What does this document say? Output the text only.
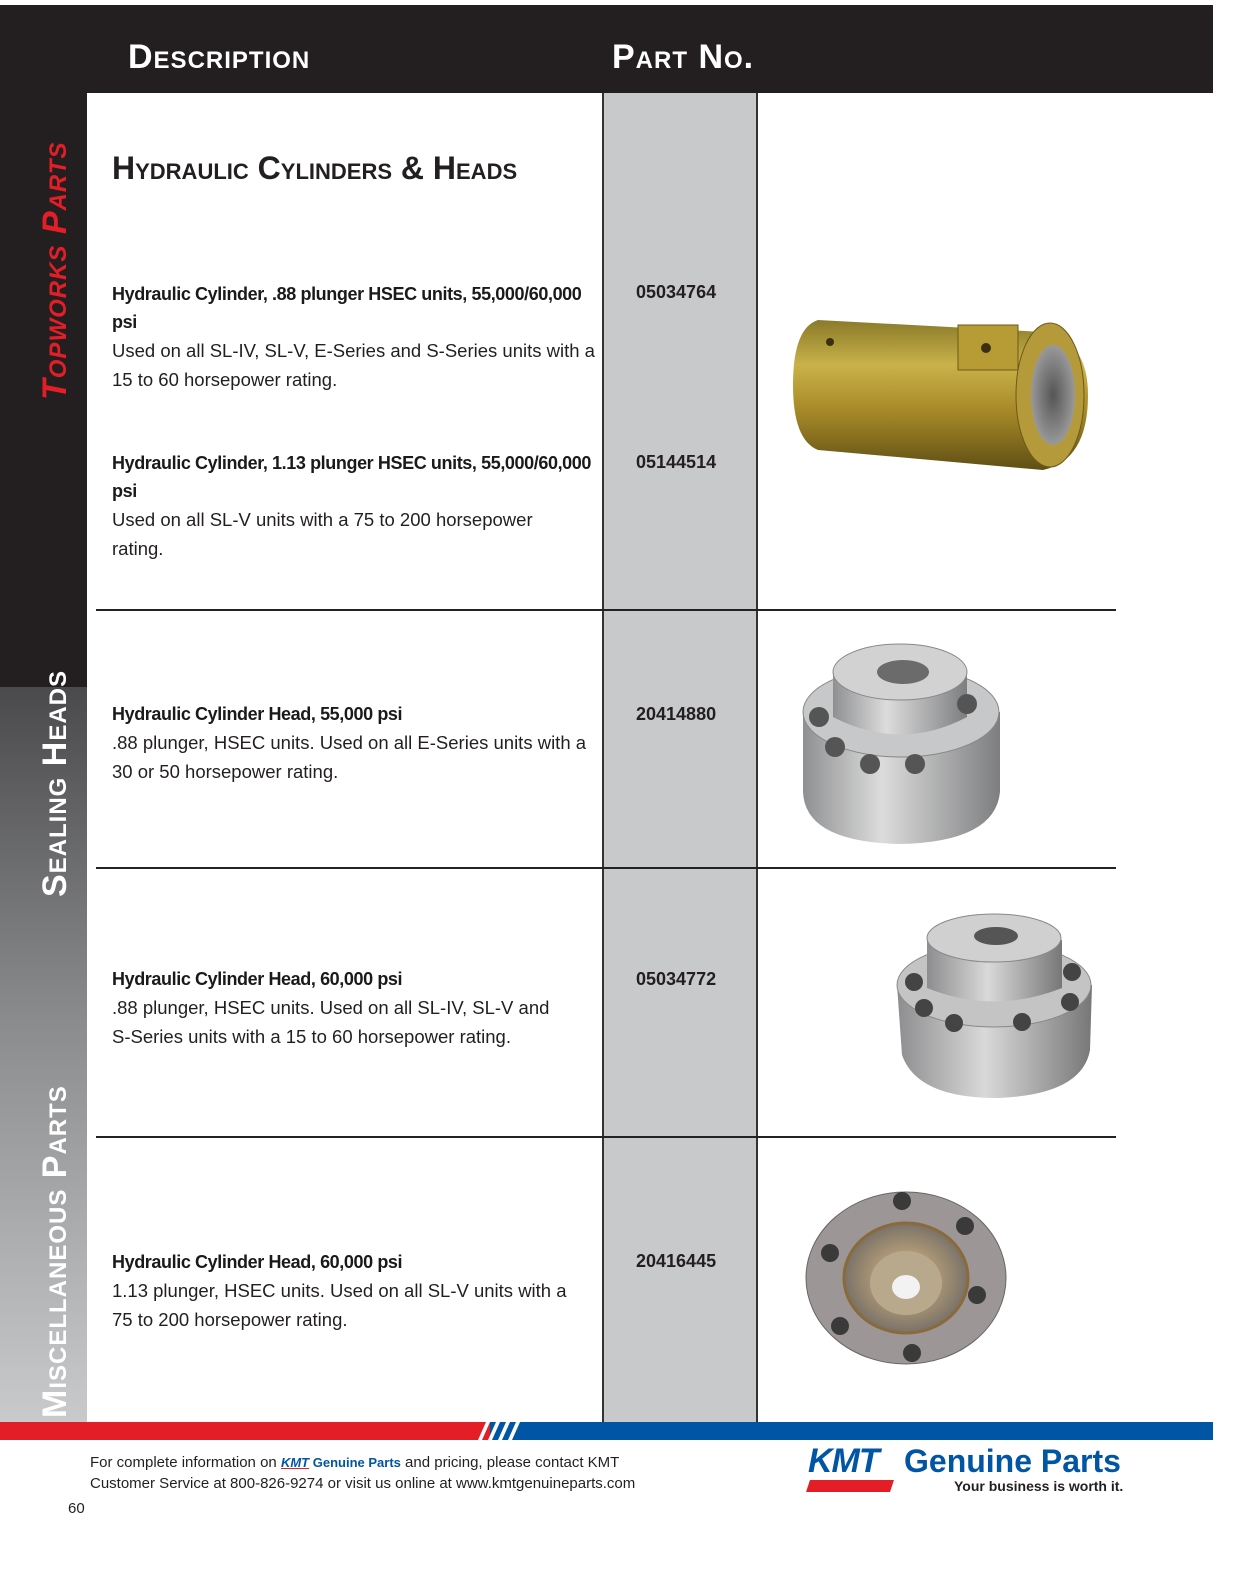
Description	Part No.
Topworks Parts
Sealing Heads
Miscellaneous Parts
Hydraulic Cylinders & Heads
Hydraulic Cylinder, .88 plunger HSEC units, 55,000/60,000 psi
Used on all SL-IV, SL-V, E-Series and S-Series units with a
15 to 60 horsepower rating.
05034764
Hydraulic Cylinder, 1.13 plunger HSEC units, 55,000/60,000 psi
Used on all SL-V units with a 75 to 200 horsepower
rating.
05144514
Hydraulic Cylinder Head, 55,000 psi
.88 plunger, HSEC units. Used on all E-Series units with a
30 or 50 horsepower rating.
20414880
Hydraulic Cylinder Head, 60,000 psi
.88 plunger, HSEC units. Used on all SL-IV, SL-V and
S-Series units with a 15 to 60 horsepower rating.
05034772
Hydraulic Cylinder Head, 60,000 psi
1.13 plunger, HSEC units. Used on all SL-V units with a
75 to 200 horsepower rating.
20416445
For complete information on KMT Genuine Parts and pricing, please contact KMT
Customer Service at 800-826-9274 or visit us online at www.kmtgenuineparts.com
KMT Genuine Parts
Your business is worth it.
60
